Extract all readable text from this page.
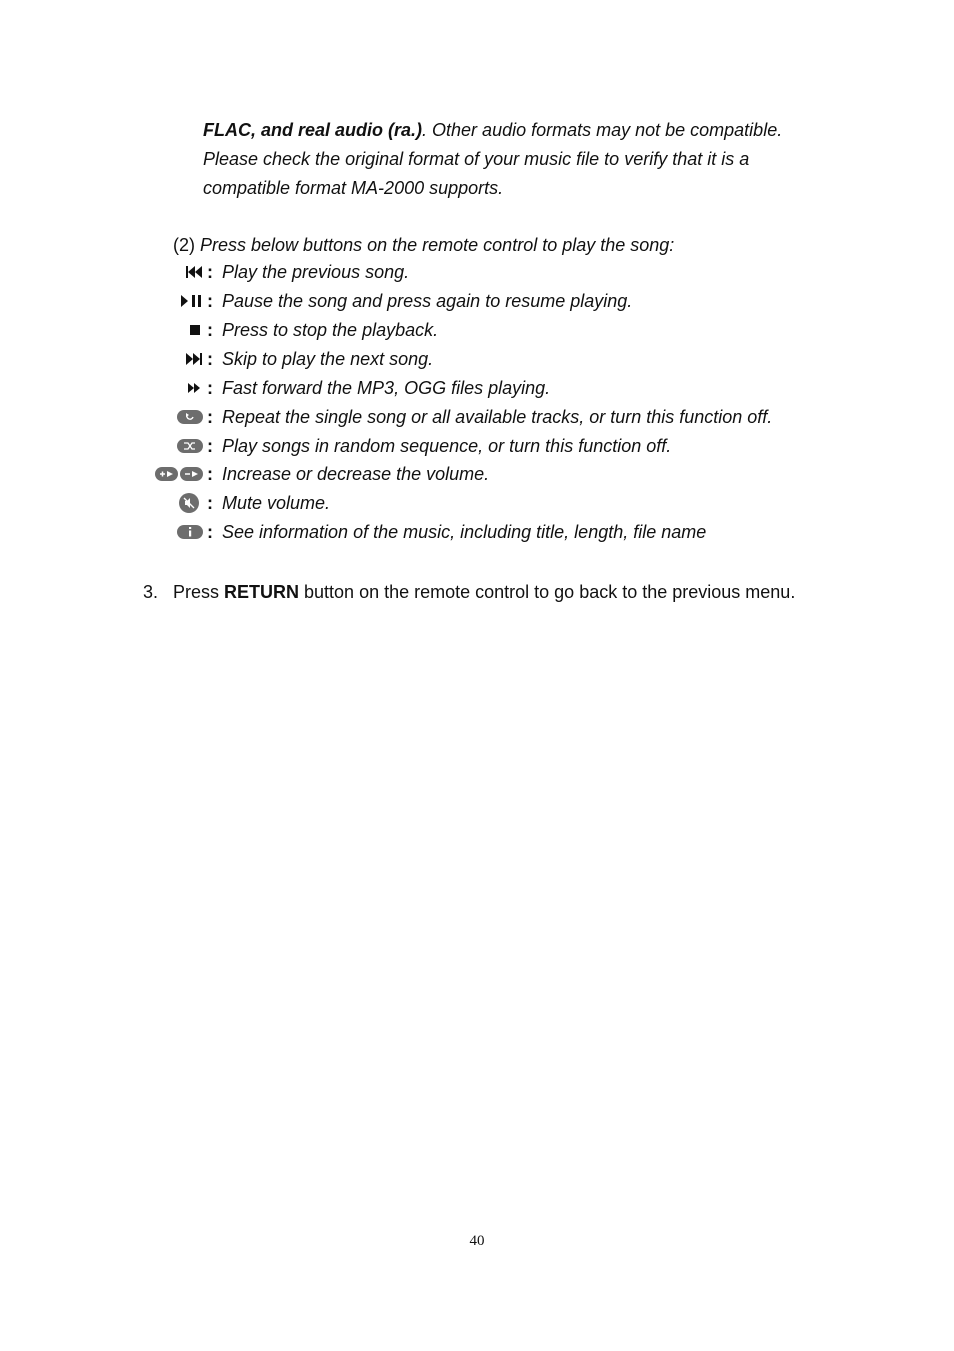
FLAC, and real audio (ra.). Other audio formats may not be compatible.
Please check the original format of your music file to verify that it is a
compatible format MA-2000 supports.
(2) Press below buttons on the remote control to play the song:
: Play the previous song.
: Pause the song and press again to resume playing.
: Press to stop the playback.
: Skip to play the next song.
: Fast forward the MP3, OGG files playing.
: Repeat the single song or all available tracks, or turn this function off.
: Play songs in random sequence, or turn this function off.
: Increase or decrease the volume.
: Mute volume.
: See information of the music, including title, length, file name
3. Press RETURN button on the remote control to go back to the previous menu.
40
